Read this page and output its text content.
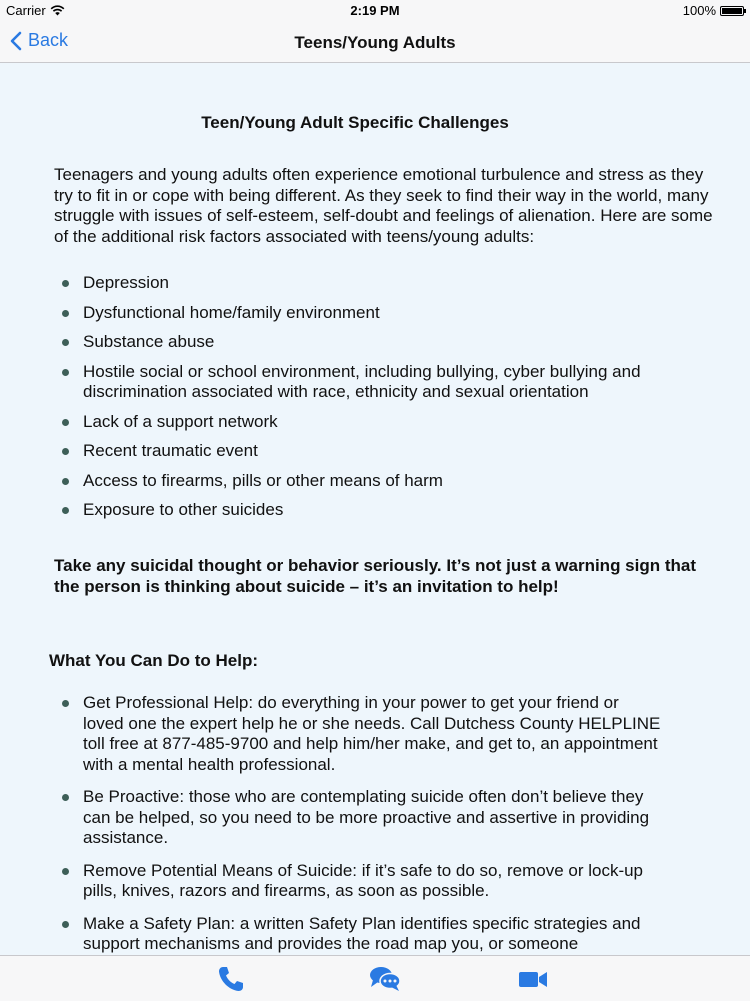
Carrier	2:19 PM	100%
Back	Teens/Young Adults
Teen/Young Adult Specific Challenges

Teenagers and young adults often experience emotional turbulence and stress as they try to fit in or cope with being different. As they seek to find their way in the world, many struggle with issues of self-esteem, self-doubt and feelings of alienation. Here are some of the additional risk factors associated with teens/young adults:

Depression
Dysfunctional home/family environment
Substance abuse
Hostile social or school environment, including bullying, cyber bullying and discrimination associated with race, ethnicity and sexual orientation
Lack of a support network
Recent traumatic event
Access to firearms, pills or other means of harm
Exposure to other suicides

Take any suicidal thought or behavior seriously. It’s not just a warning sign that the person is thinking about suicide – it’s an invitation to help!

What You Can Do to Help:
Get Professional Help: do everything in your power to get your friend or loved one the expert help he or she needs. Call Dutchess County HELPLINE toll free at 877-485-9700 and help him/her make, and get to, an appointment with a mental health professional.
Be Proactive: those who are contemplating suicide often don’t believe they can be helped, so you need to be more proactive and assertive in providing assistance.
Remove Potential Means of Suicide: if it’s safe to do so, remove or lock-up pills, knives, razors and firearms, as soon as possible.
Make a Safety Plan: a written Safety Plan identifies specific strategies and support mechanisms and provides the road map you, or someone
